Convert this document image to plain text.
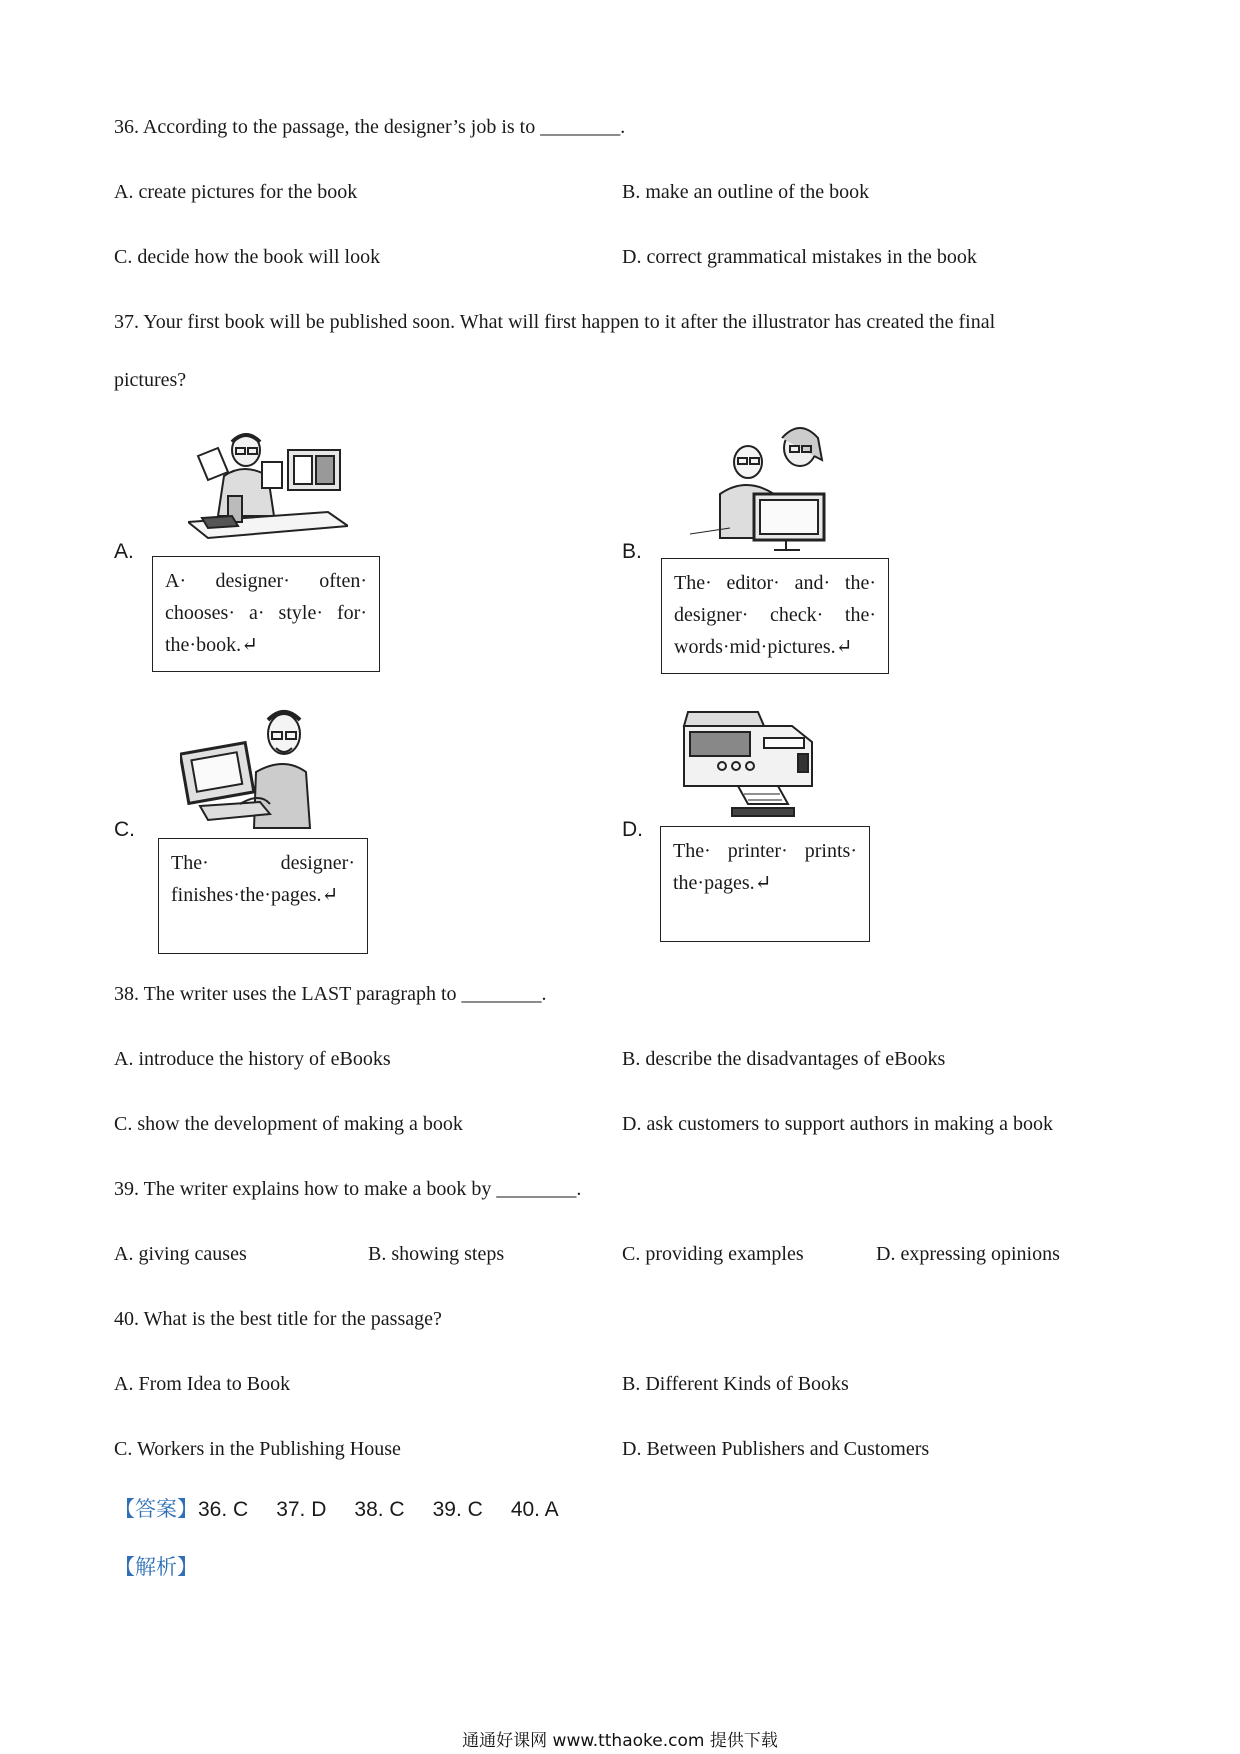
36. According to the passage, the designer’s job is to ________.
A. create pictures for the book	B. make an outline of the book
C. decide how the book will look	D. correct grammatical mistakes in the book
37. Your first book will be published soon. What will first happen to it after the illustrator has created the final
pictures?
A.
A· designer· often· chooses· a· style· for· the·book.↵
B.
The· editor· and· the· designer· check· the· words·mid·pictures.↵
C.
The· designer· finishes·the·pages.↵
D.
The· printer· prints· the·pages.↵
38. The writer uses the LAST paragraph to ________.
A. introduce the history of eBooks	B. describe the disadvantages of eBooks
C. show the development of making a book	D. ask customers to support authors in making a book
39. The writer explains how to make a book by ________.
A. giving causes	B. showing steps	C. providing examples	D. expressing opinions
40. What is the best title for the passage?
A. From Idea to Book	B. Different Kinds of Books
C. Workers in the Publishing House	D. Between Publishers and Customers
【答案】36. C 37. D 38. C 39. C 40. A
【解析】
通通好课网 www.tthaoke.com 提供下载
